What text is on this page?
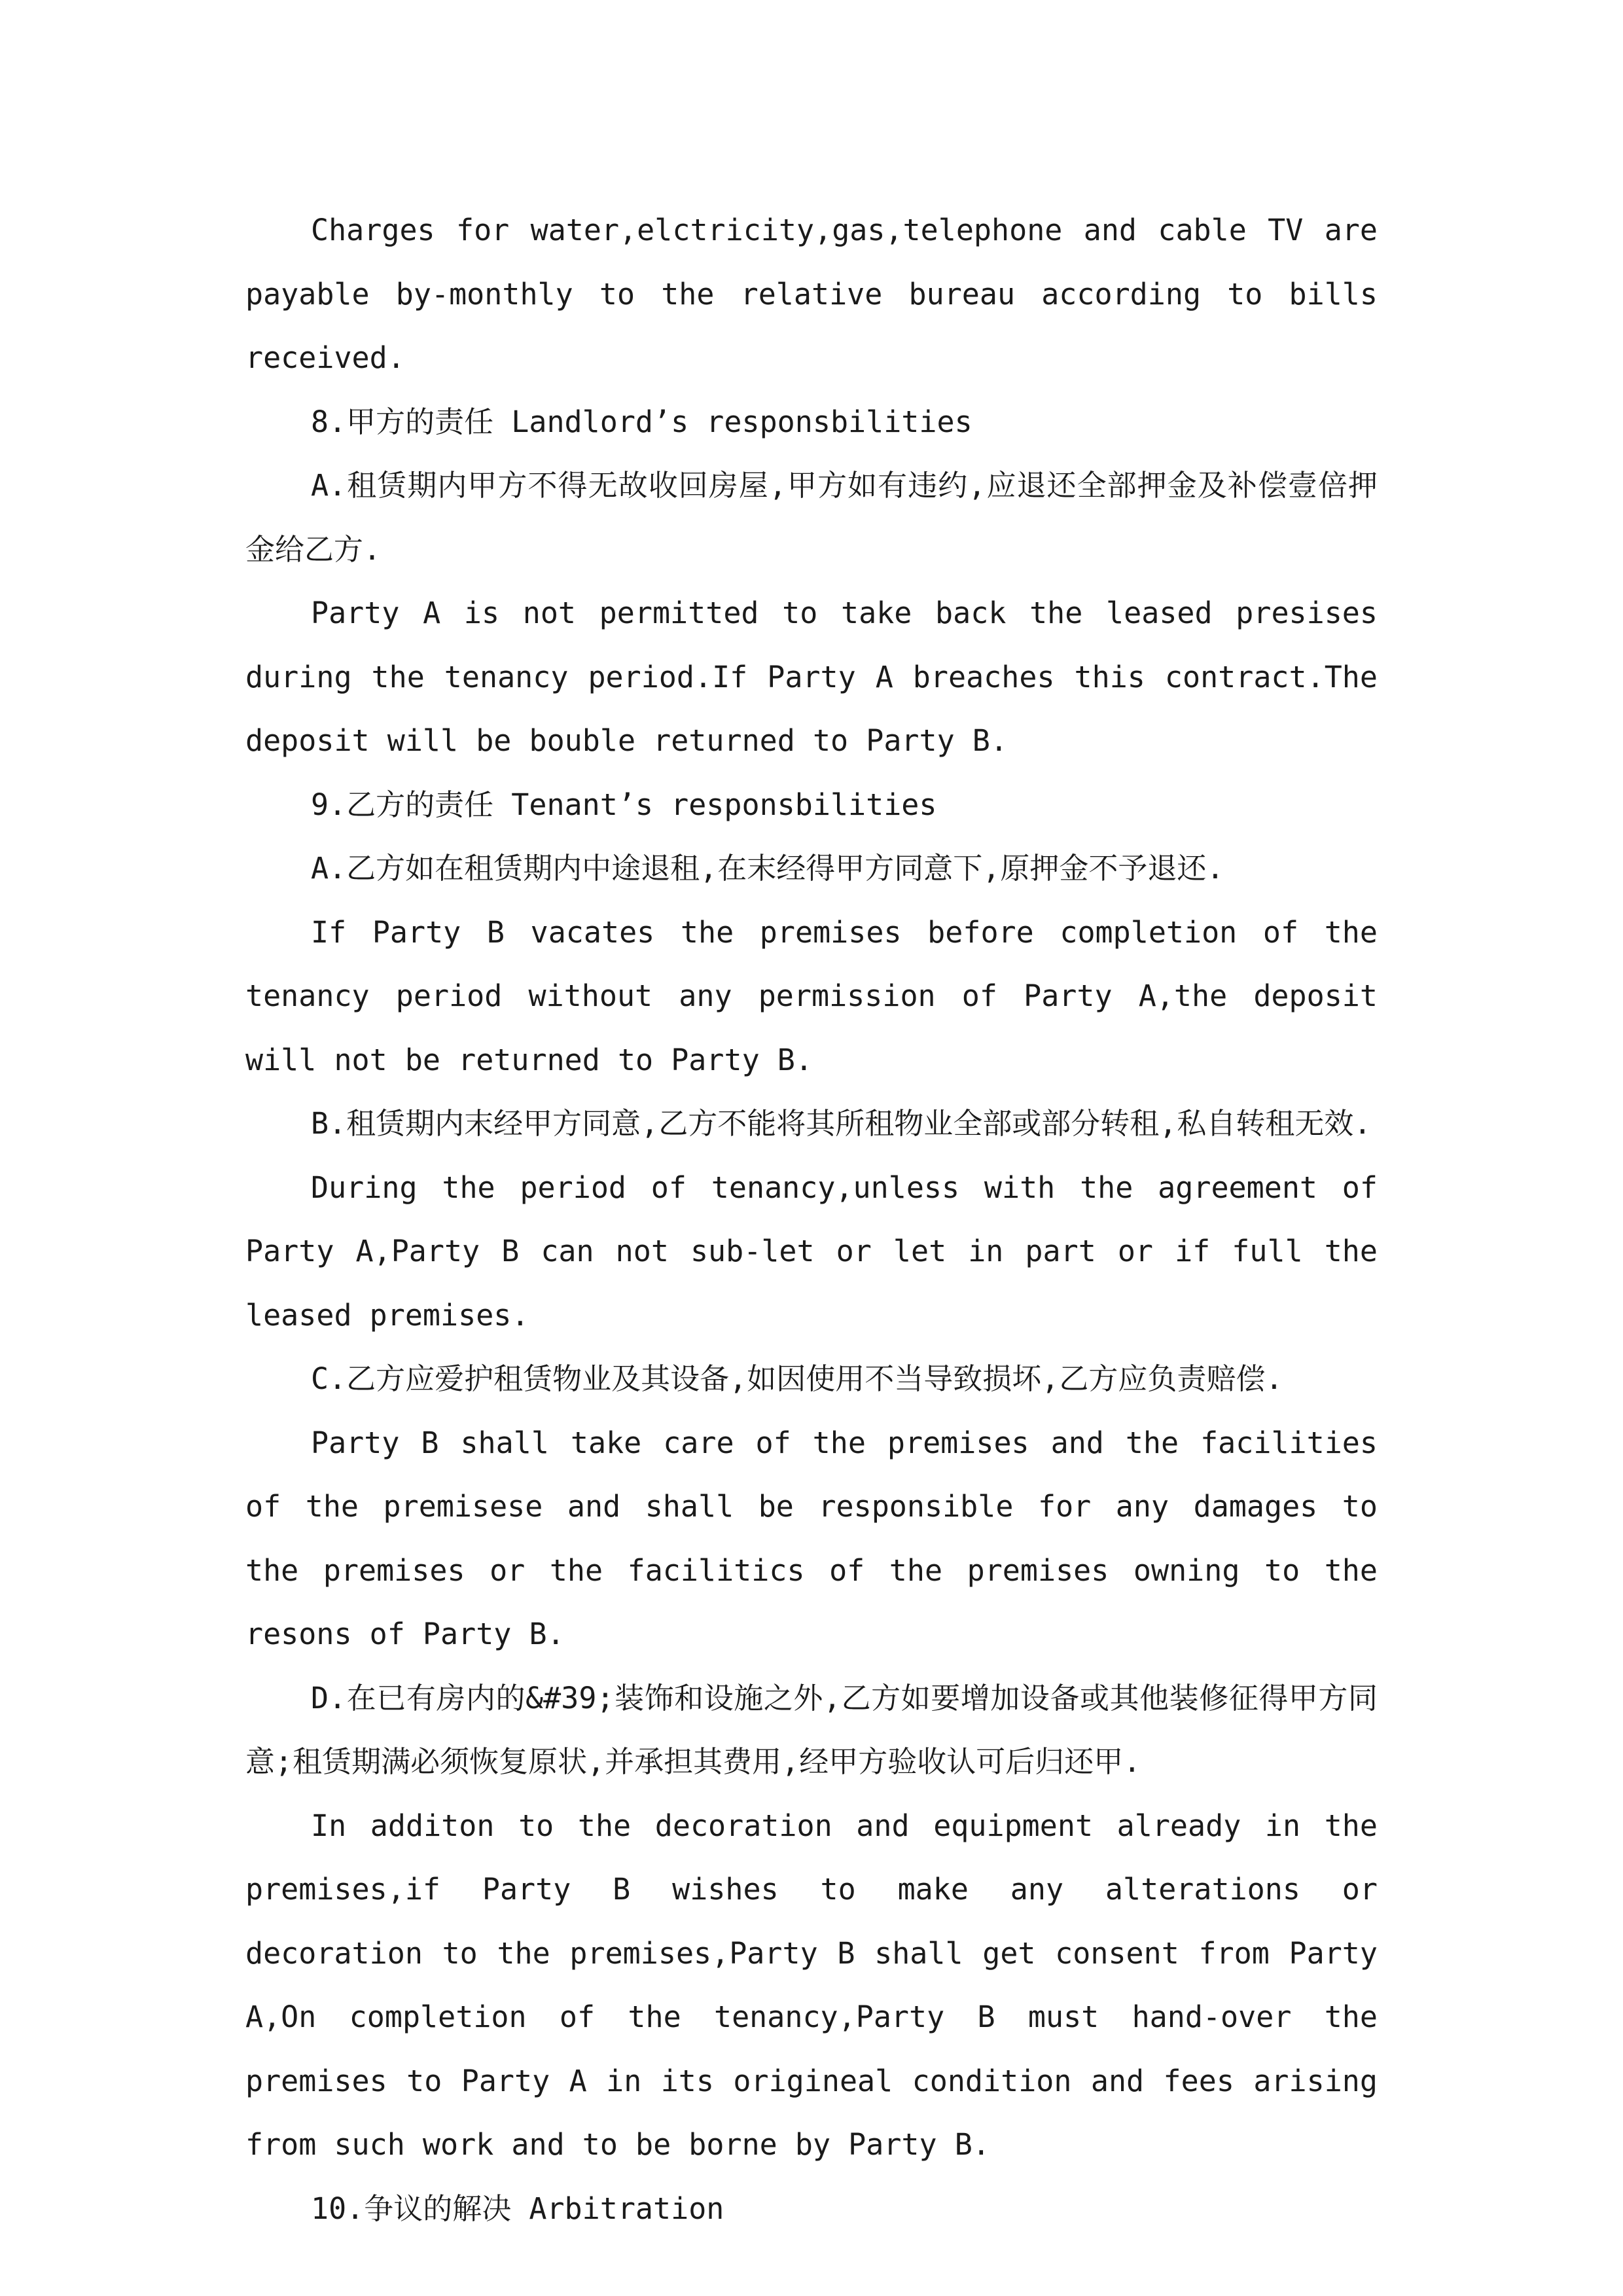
Charges for water,elctricity,gas,telephone and cable TV are payable by-monthly to the relative bureau according to bills received.

8.甲方的责任 Landlord’s responsbilities

A.租赁期内甲方不得无故收回房屋,甲方如有违约,应退还全部押金及补偿壹倍押金给乙方.

Party A is not permitted to take back the leased presises during the tenancy period.If Party A breaches this contract.The deposit will be bouble returned to Party B.

9.乙方的责任 Tenant’s responsbilities

A.乙方如在租赁期内中途退租,在末经得甲方同意下,原押金不予退还.

If Party B vacates the premises before completion of the tenancy period without any permission of Party A,the deposit will not be returned to Party B.

B.租赁期内末经甲方同意,乙方不能将其所租物业全部或部分转租,私自转租无效.

During the period of tenancy,unless with the agreement of Party A,Party B can not sub-let or let in part or if full the leased premises.

C.乙方应爱护租赁物业及其设备,如因使用不当导致损坏,乙方应负责赔偿.

Party B shall take care of the premises and the facilities of the premisese and shall be responsible for any damages to the premises or the facilitics of the premises owning to the resons of Party B.

D.在已有房内的&#39;装饰和设施之外,乙方如要增加设备或其他装修征得甲方同意;租赁期满必须恢复原状,并承担其费用,经甲方验收认可后归还甲.

In additon to the decoration and equipment already in the premises,if Party B wishes to make any alterations or decoration to the premises,Party B shall get consent from Party A,On completion of the tenancy,Party B must hand-over the premises to Party A in its origineal condition and fees arising from such work and to be borne by Party B.

10.争议的解决 Arbitration
